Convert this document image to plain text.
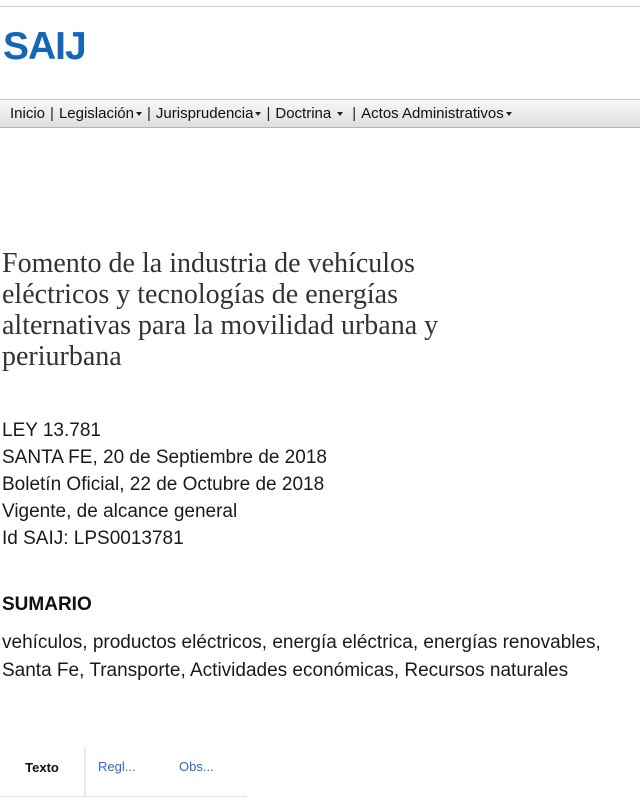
SAIJ
Inicio | Legislación | Jurisprudencia | Doctrina | Actos Administrativos
Fomento de la industria de vehículos eléctricos y tecnologías de energías alternativas para la movilidad urbana y periurbana
LEY 13.781
SANTA FE, 20 de Septiembre de 2018
Boletín Oficial, 22 de Octubre de 2018
Vigente, de alcance general
Id SAIJ: LPS0013781
SUMARIO

vehículos, productos eléctricos, energía eléctrica, energías renovables, Santa Fe, Transporte, Actividades económicas, Recursos naturales

Texto	Regl...	Obs...
